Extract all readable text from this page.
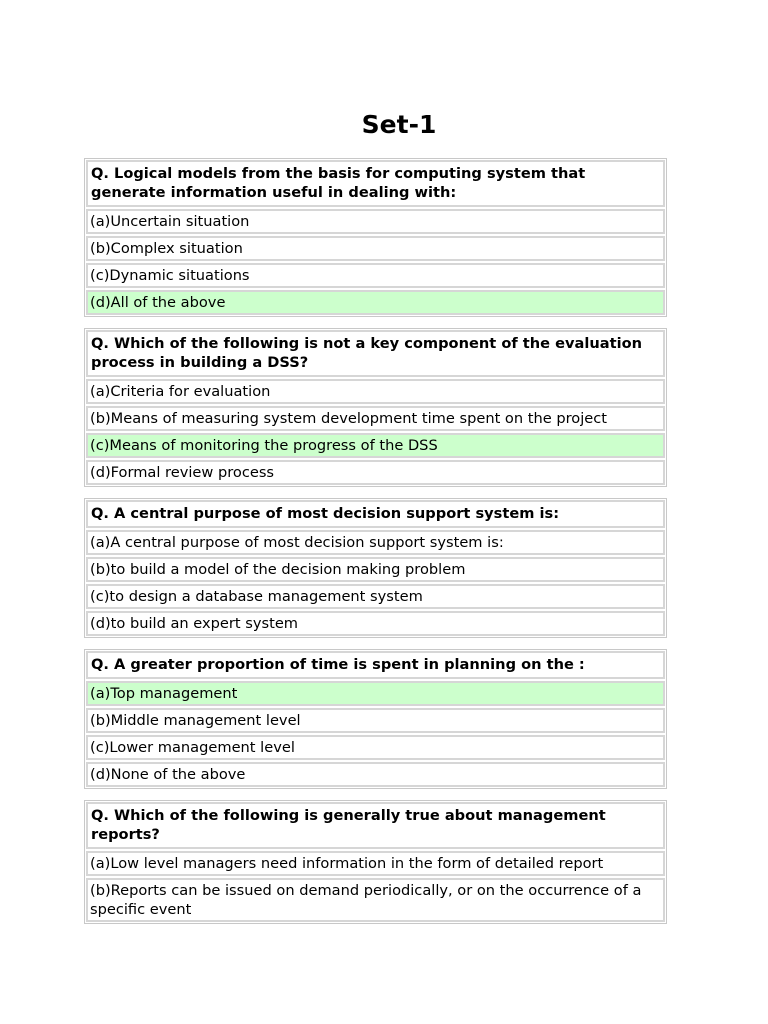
Set-1
Q. Logical models from the basis for computing system that generate information useful in dealing with:
(a)Uncertain situation
(b)Complex situation
(c)Dynamic situations
(d)All of the above
Q. Which of the following is not a key component of the evaluation process in building a DSS?
(a)Criteria for evaluation
(b)Means of measuring system development time spent on the project
(c)Means of monitoring the progress of the DSS
(d)Formal review process
Q. A central purpose of most decision support system is:
(a)A central purpose of most decision support system is:
(b)to build a model of the decision making problem
(c)to design a database management system
(d)to build an expert system
Q. A greater proportion of time is spent in planning on the :
(a)Top management
(b)Middle management level
(c)Lower management level
(d)None of the above
Q. Which of the following is generally true about management reports?
(a)Low level managers need information in the form of detailed report
(b)Reports can be issued on demand periodically, or on the occurrence of a specific event
